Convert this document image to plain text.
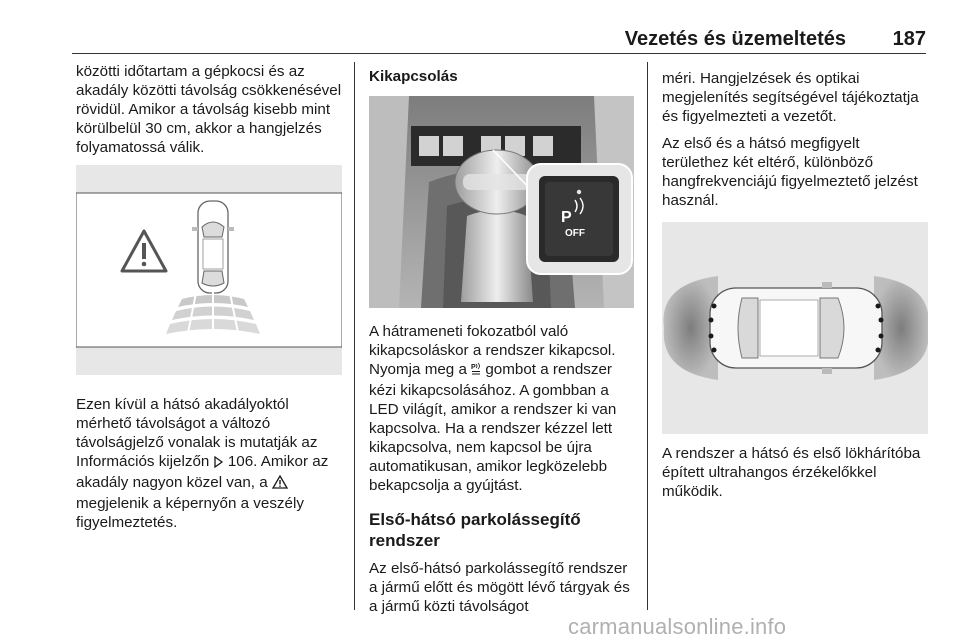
Vezetés és üzemeltetés 187

közötti időtartam a gépkocsi és az akadály közötti távolság csökkenésével rövidül. Amikor a távolság kisebb mint körülbelül 30 cm, akkor a hangjelzés folyamatossá válik.

Ezen kívül a hátsó akadályoktól mérhető távolságot a változó távolságjelző vonalak is mutatják az Információs kijelzőn  106. Amikor az akadály nagyon közel van, a  megjelenik a képernyőn a veszély figyelmeztetés.

Kikapcsolás
P
OFF

A hátrameneti fokozatból való kikapcsoláskor a rendszer kikapcsol. Nyomja meg a P gombot a rendszer kézi kikapcsolásához. A gombban a LED világít, amikor a rendszer ki van kapcsolva. Ha a rendszer kézzel lett kikapcsolva, nem kapcsol be újra automatikusan, amikor legközelebb bekapcsolja a gyújtást.

Első-hátsó parkolássegítő rendszer

Az első-hátsó parkolássegítő rendszer a jármű előtt és mögött lévő tárgyak és a jármű közti távolságot

méri. Hangjelzések és optikai megjelenítés segítségével tájékoztatja és figyelmezteti a vezetőt.

Az első és a hátsó megfigyelt területhez két eltérő, különböző hangfrekvenciájú figyelmeztető jelzést használ.

A rendszer a hátsó és első lökhárítóba épített ultrahangos érzékelőkkel működik.

carmanualsonline.info
